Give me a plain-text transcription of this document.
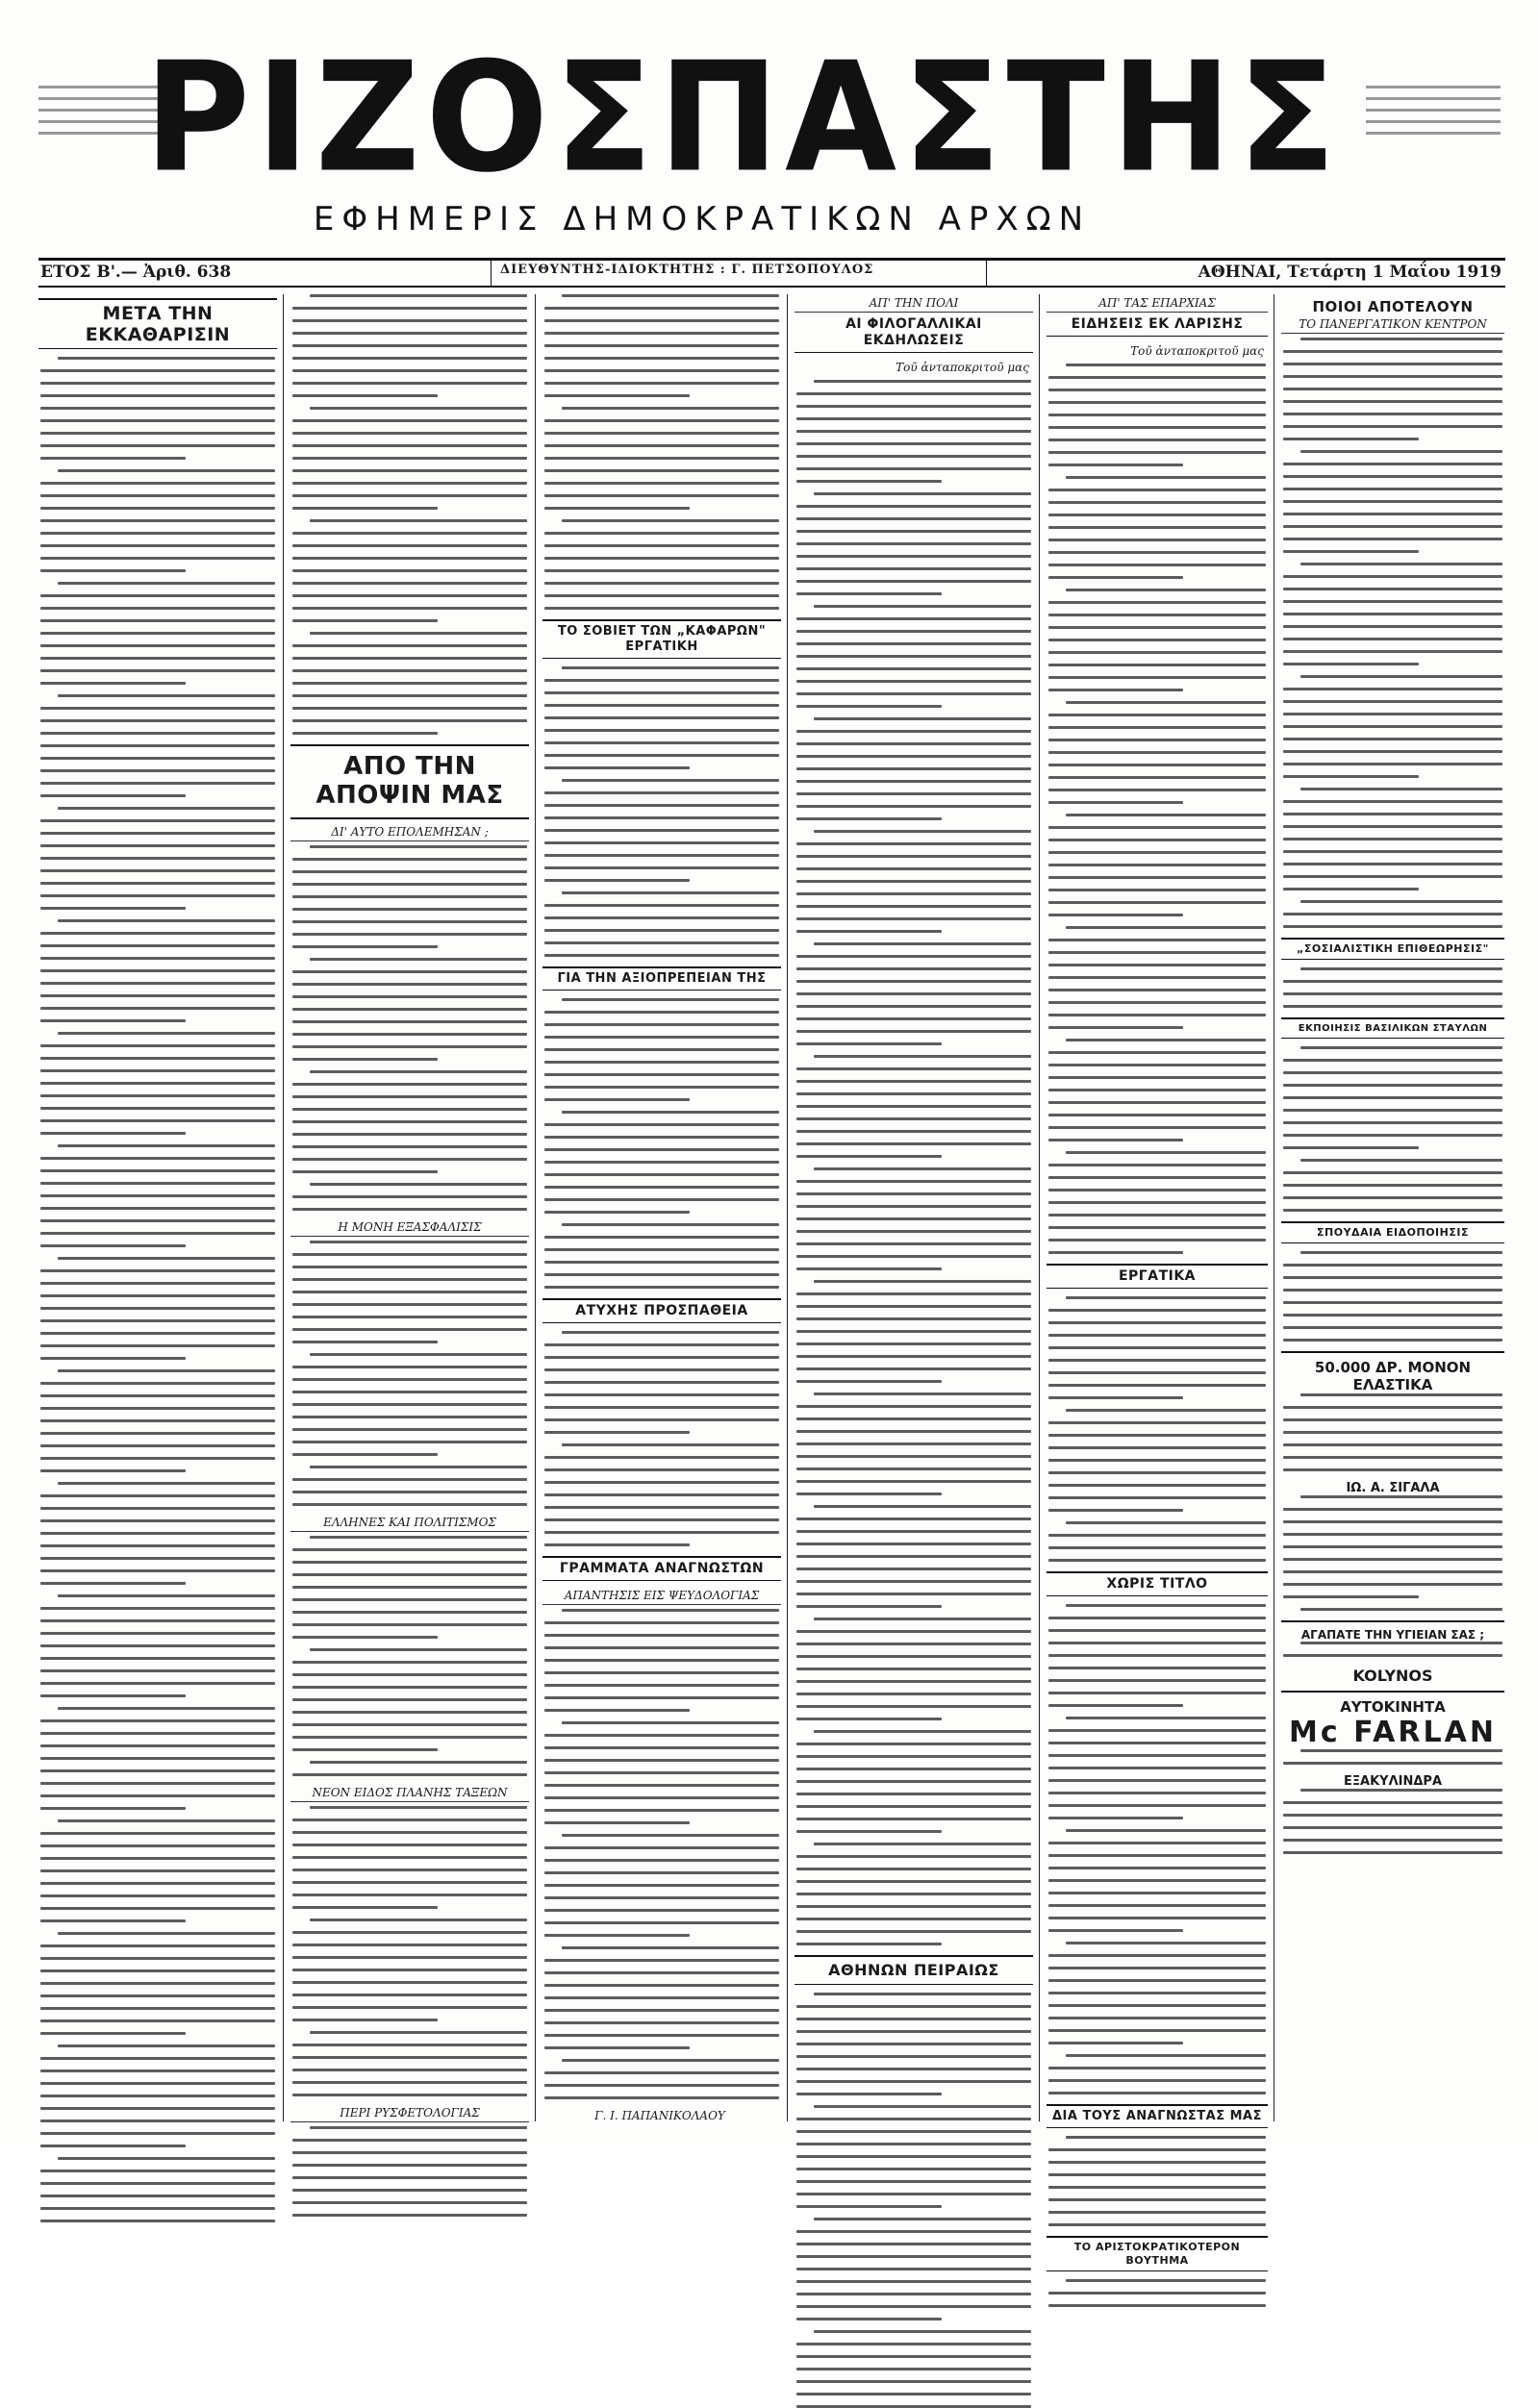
ΡΙΖΟΣΠΑΣΤΗΣ
ΕΦΗΜΕΡΙΣ ΔΗΜΟΚΡΑΤΙΚΩΝ ΑΡΧΩΝ
ΕΤΟΣ Β'.— Ἀριθ. 638	ΔΙΕΥΘΥΝΤΗΣ-ΙΔΙΟΚΤΗΤΗΣ : Γ. ΠΕΤΣΟΠΟΥΛΟΣ	ΑΘΗΝΑΙ, Τετάρτη 1 Μαΐου 1919
ΜΕΤΑ ΤΗΝ ΕΚΚΑΘΑΡΙΣΙΝ
ΑΠΟ ΤΗΝ ΑΠΟΨΙΝ ΜΑΣ
ΔΙ' ΑΥΤΟ ΕΠΟΛΕΜΗΣΑΝ ;
Η ΜΟΝΗ ΕΞΑΣΦΑΛΙΣΙΣ
ΕΛΛΗΝΕΣ ΚΑΙ ΠΟΛΙΤΙΣΜΟΣ
ΝΕΟΝ ΕΙΔΟΣ ΠΛΑΝΗΣ ΤΑΞΕΩΝ
ΠΕΡΙ ΡΥΣΦΕΤΟΛΟΓΙΑΣ
ΤΟ ΣΟΒΙΕΤ ΤΩΝ „ΚΑΦΑΡΩΝ" ΕΡΓΑΤΙΚΗ
ΓΙΑ ΤΗΝ ΑΞΙΟΠΡΕΠΕΙΑΝ ΤΗΣ
ΑΤΥΧΗΣ ΠΡΟΣΠΑΘΕΙΑ
ΓΡΑΜΜΑΤΑ ΑΝΑΓΝΩΣΤΩΝ
ΑΠΑΝΤΗΣΙΣ ΕΙΣ ΨΕΥΔΟΛΟΓΙΑΣ
Γ. Ι. ΠΑΠΑΝΙΚΟΛΑΟΥ
ΑΠ' ΤΗΝ ΠΟΛΙ
ΑΙ ΦΙΛΟΓΑΛΛΙΚΑΙ ΕΚΔΗΛΩΣΕΙΣ
Τοῦ ἀνταποκριτοῦ μας
ΑΘΗΝΩΝ ΠΕΙΡΑΙΩΣ
ΑΠ' ΤΑΣ ΕΠΑΡΧΙΑΣ
ΕΙΔΗΣΕΙΣ ΕΚ ΛΑΡΙΣΗΣ
Τοῦ ἀνταποκριτοῦ μας
ΕΡΓΑΤΙΚΑ
ΧΩΡΙΣ ΤΙΤΛΟ
ΔΙΑ ΤΟΥΣ ΑΝΑΓΝΩΣΤΑΣ ΜΑΣ
ΤΟ ΑΡΙΣΤΟΚΡΑΤΙΚΟΤΕΡΟΝ ΒΟΥΤΗΜΑ
ΠΟΙΟΙ ΑΠΟΤΕΛΟΥΝ
ΤΟ ΠΑΝΕΡΓΑΤΙΚΟΝ ΚΕΝΤΡΟΝ
„ΣΟΣΙΑΛΙΣΤΙΚΗ ΕΠΙΘΕΩΡΗΣΙΣ"
ΕΚΠΟΙΗΣΙΣ ΒΑΣΙΛΙΚΩΝ ΣΤΑΥΛΩΝ
ΣΠΟΥΔΑΙΑ ΕΙΔΟΠΟΙΗΣΙΣ
50.000 ΔΡ. ΜΟΝΟΝ ΕΛΑΣΤΙΚΑ
ΙΩ. Α. ΣΙΓΑΛΑ
ΑΓΑΠΑΤΕ ΤΗΝ ΥΓΙΕΙΑΝ ΣΑΣ ;
KOLYNOS
ΑΥΤΟΚΙΝΗΤΑ
Mc FARLAN
ΕΞΑΚΥΛΙΝΔΡΑ
